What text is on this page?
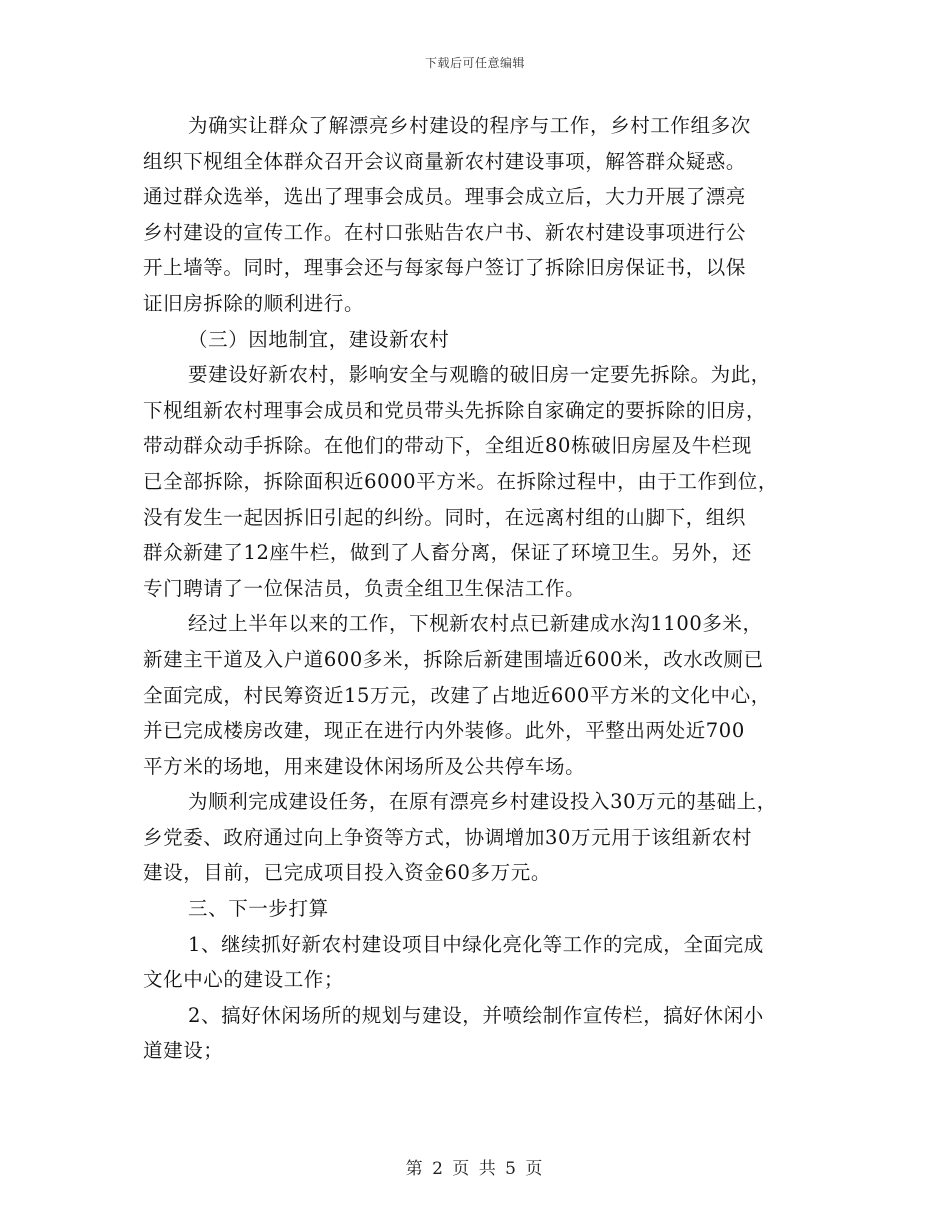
下载后可任意编辑
为确实让群众了解漂亮乡村建设的程序与工作，乡村工作组多次
组织下枧组全体群众召开会议商量新农村建设事项，解答群众疑惑。
通过群众选举，选出了理事会成员。理事会成立后，大力开展了漂亮
乡村建设的宣传工作。在村口张贴告农户书、新农村建设事项进行公
开上墙等。同时，理事会还与每家每户签订了拆除旧房保证书，以保
证旧房拆除的顺利进行。
（三）因地制宜，建设新农村
要建设好新农村，影响安全与观瞻的破旧房一定要先拆除。为此，
下枧组新农村理事会成员和党员带头先拆除自家确定的要拆除的旧房，
带动群众动手拆除。在他们的带动下，全组近80栋破旧房屋及牛栏现
已全部拆除，拆除面积近6000平方米。在拆除过程中，由于工作到位，
没有发生一起因拆旧引起的纠纷。同时，在远离村组的山脚下，组织
群众新建了12座牛栏，做到了人畜分离，保证了环境卫生。另外，还
专门聘请了一位保洁员，负责全组卫生保洁工作。
经过上半年以来的工作，下枧新农村点已新建成水沟1100多米，
新建主干道及入户道600多米，拆除后新建围墙近600米，改水改厕已
全面完成，村民筹资近15万元，改建了占地近600平方米的文化中心，
并已完成楼房改建，现正在进行内外装修。此外，平整出两处近700
平方米的场地，用来建设休闲场所及公共停车场。
为顺利完成建设任务，在原有漂亮乡村建设投入30万元的基础上，
乡党委、政府通过向上争资等方式，协调增加30万元用于该组新农村
建设，目前，已完成项目投入资金60多万元。
三、下一步打算
1、继续抓好新农村建设项目中绿化亮化等工作的完成，全面完成
文化中心的建设工作；
2、搞好休闲场所的规划与建设，并喷绘制作宣传栏，搞好休闲小
道建设；
第 2 页 共 5 页
